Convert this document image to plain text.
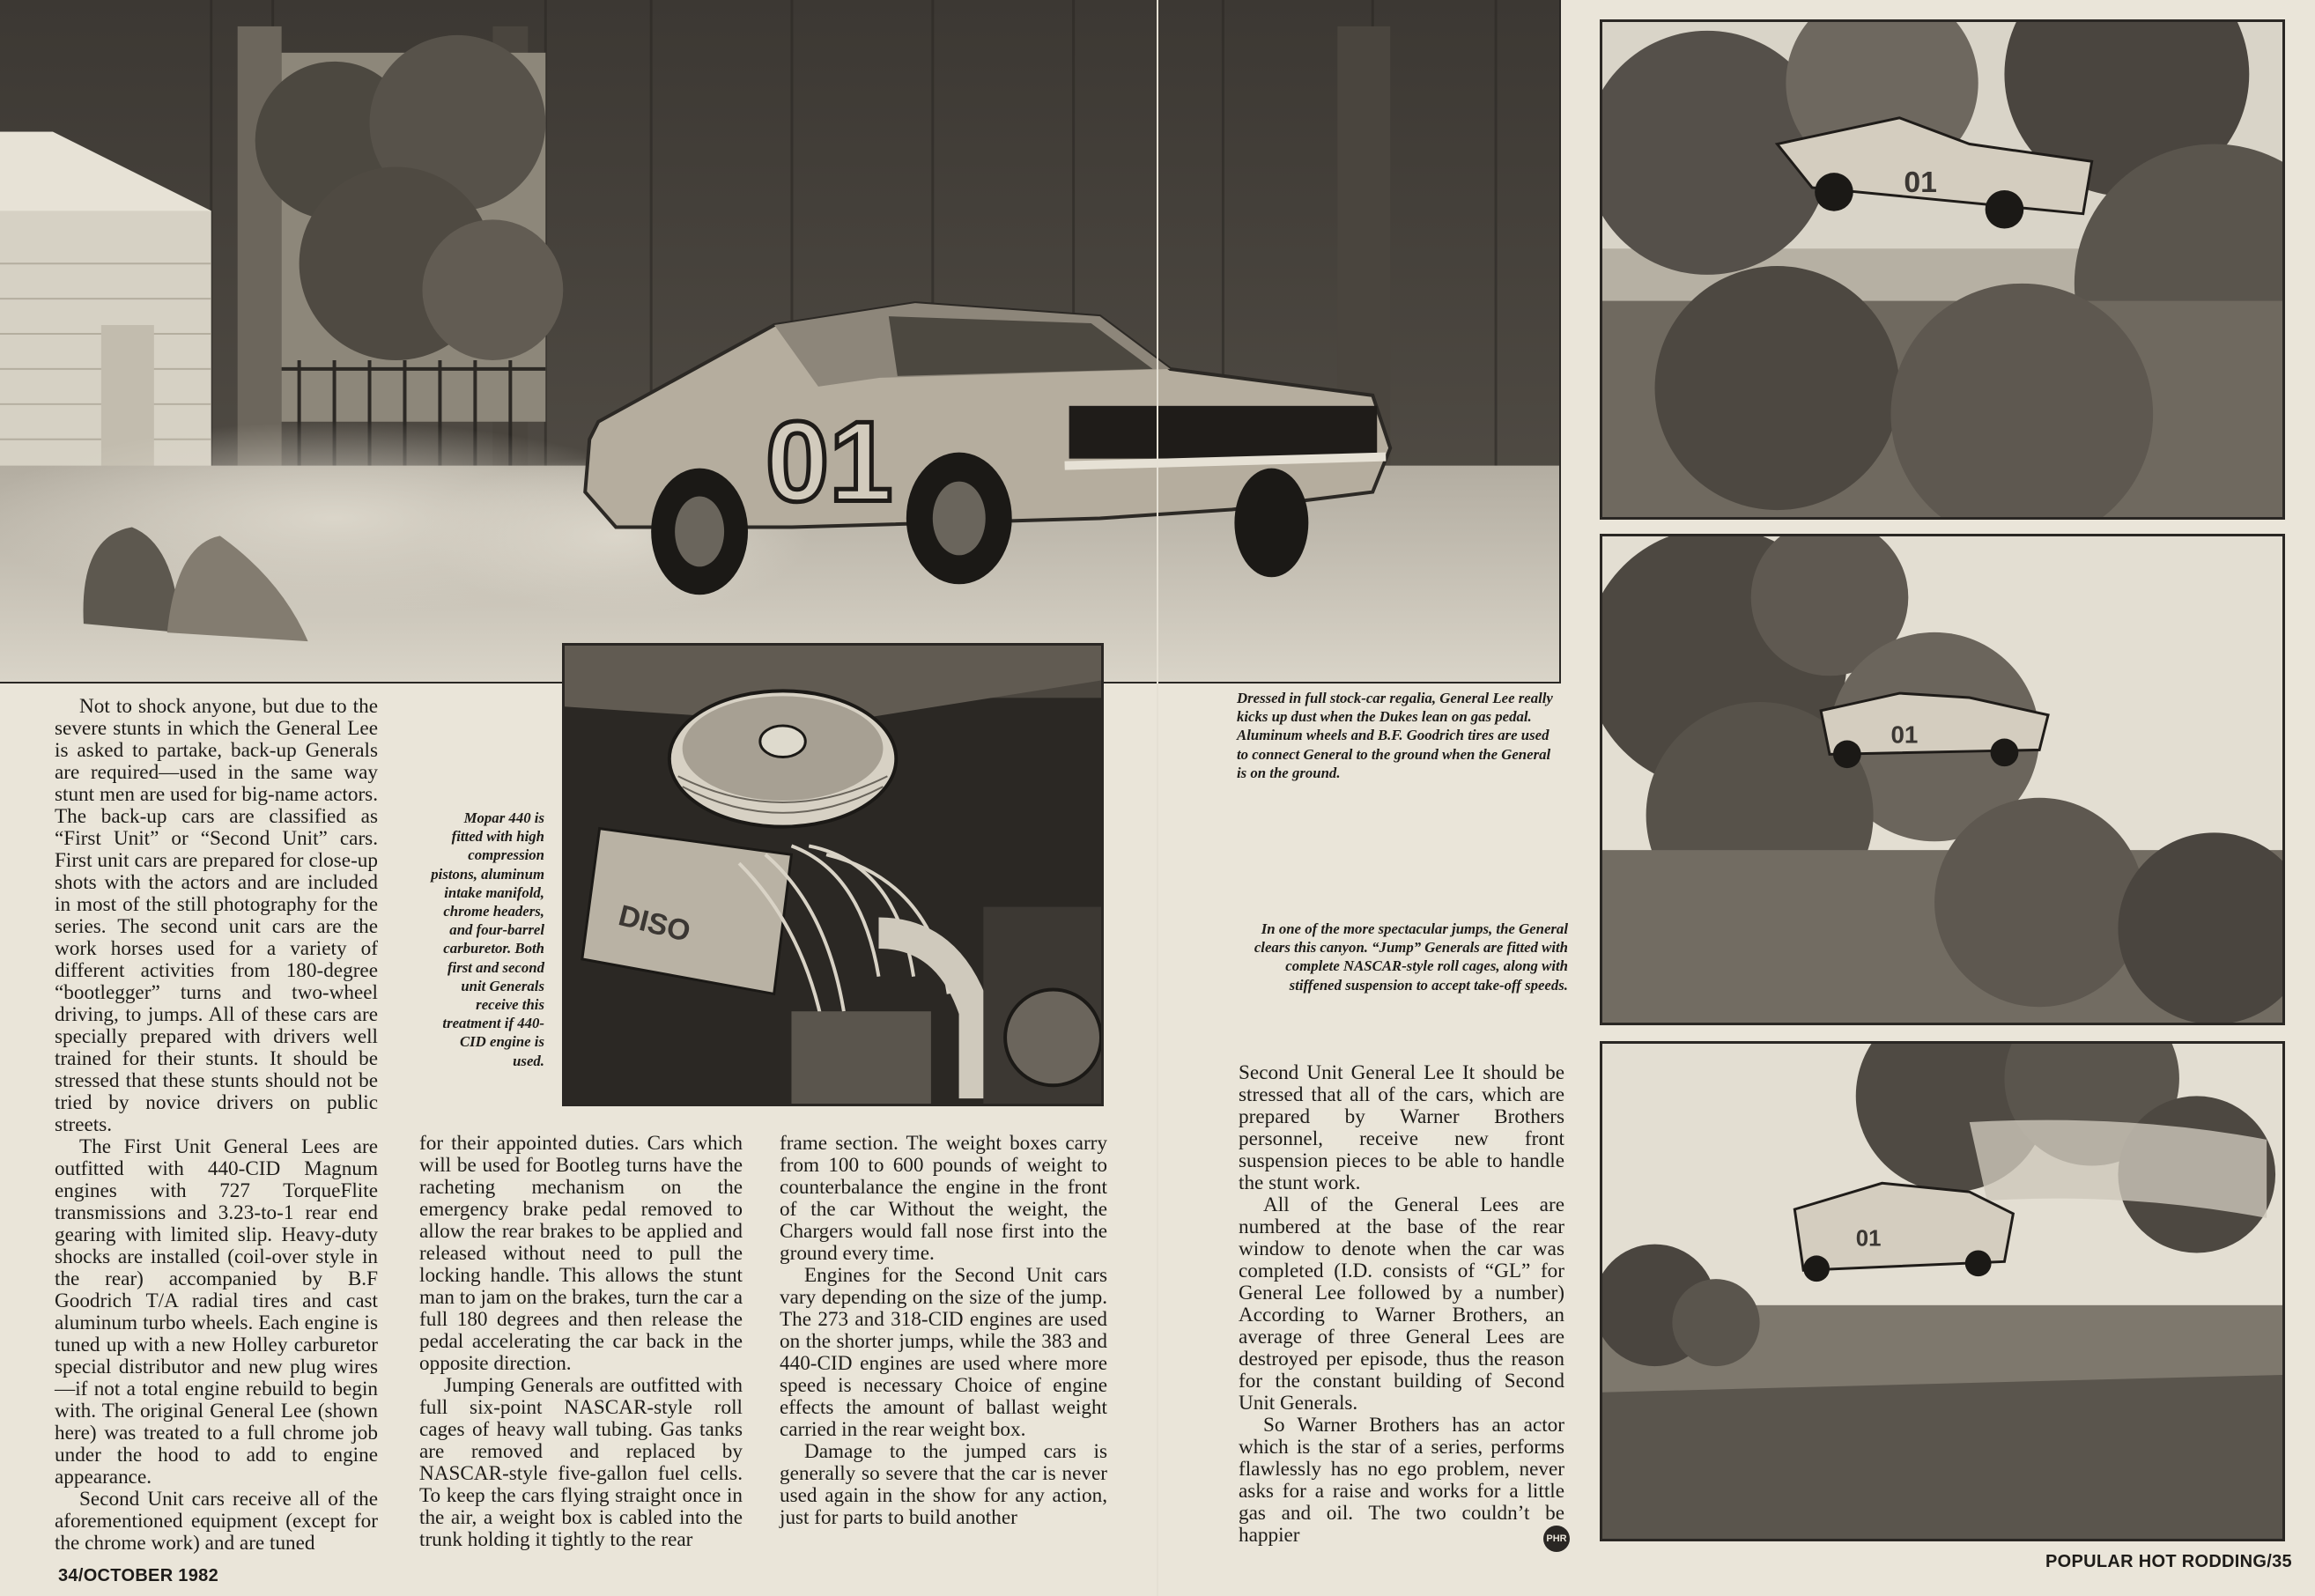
01
DISO
01
01
01

Not to shock anyone, but due to the severe stunts in which the General Lee is asked to partake, back-up Generals are required—used in the same way stunt men are used for big-name actors. The back-up cars are classified as “First Unit” or “Second Unit” cars. First unit cars are prepared for close-up shots with the actors and are included in most of the still photography for the series. The second unit cars are the work horses used for a variety of different activities from 180-degree “bootlegger” turns and two-wheel driving, to jumps. All of these cars are specially prepared with drivers well trained for their stunts. It should be stressed that these stunts should not be tried by novice drivers on public streets.

The First Unit General Lees are outfitted with 440-CID Magnum engines with 727 TorqueFlite transmissions and 3.23-to-1 rear end gearing with limited slip. Heavy-duty shocks are installed (coil-over style in the rear) accompanied by B.F Goodrich T/A radial tires and cast aluminum turbo wheels. Each engine is tuned up with a new Holley carburetor special distributor and new plug wires—if not a total engine rebuild to begin with. The original General Lee (shown here) was treated to a full chrome job under the hood to add to engine appearance.

Second Unit cars receive all of the aforementioned equipment (except for the chrome work) and are tuned

for their appointed duties. Cars which will be used for Bootleg turns have the racheting mechanism on the emergency brake pedal removed to allow the rear brakes to be applied and released without need to pull the locking handle. This allows the stunt man to jam on the brakes, turn the car a full 180 degrees and then release the pedal accelerating the car back in the opposite direction.

Jumping Generals are outfitted with full six-point NASCAR-style roll cages of heavy wall tubing. Gas tanks are removed and replaced by NASCAR-style five-gallon fuel cells. To keep the cars flying straight once in the air, a weight box is cabled into the trunk holding it tightly to the rear

frame section. The weight boxes carry from 100 to 600 pounds of weight to counterbalance the engine in the front of the car Without the weight, the Chargers would fall nose first into the ground every time.

Engines for the Second Unit cars vary depending on the size of the jump. The 273 and 318-CID engines are used on the shorter jumps, while the 383 and 440-CID engines are used where more speed is necessary Choice of engine effects the amount of ballast weight carried in the rear weight box.

Damage to the jumped cars is generally so severe that the car is never used again in the show for any action, just for parts to build another

Second Unit General Lee It should be stressed that all of the cars, which are prepared by Warner Brothers personnel, receive new front suspension pieces to be able to handle the stunt work.

All of the General Lees are numbered at the base of the rear window to denote when the car was completed (I.D. consists of “GL” for General Lee followed by a number) According to Warner Brothers, an average of three General Lees are destroyed per episode, thus the reason for the constant building of Second Unit Generals.

So Warner Brothers has an actor which is the star of a series, performs flawlessly has no ego problem, never asks for a raise and works for a little gas and oil. The two couldn’t be happier

Mopar 440 is fitted with high compression pistons, aluminum intake manifold, chrome headers, and four-barrel carburetor. Both first and second unit Generals receive this treatment if 440-CID engine is used.
Dressed in full stock-car regalia, General Lee really kicks up dust when the Dukes lean on gas pedal. Aluminum wheels and B.F. Goodrich tires are used to connect General to the ground when the General is on the ground.
In one of the more spectacular jumps, the General clears this canyon. “Jump” Generals are fitted with complete NASCAR-style roll cages, along with stiffened suspension to accept take-off speeds.
34/OCTOBER 1982
POPULAR HOT RODDING/35
PHR
